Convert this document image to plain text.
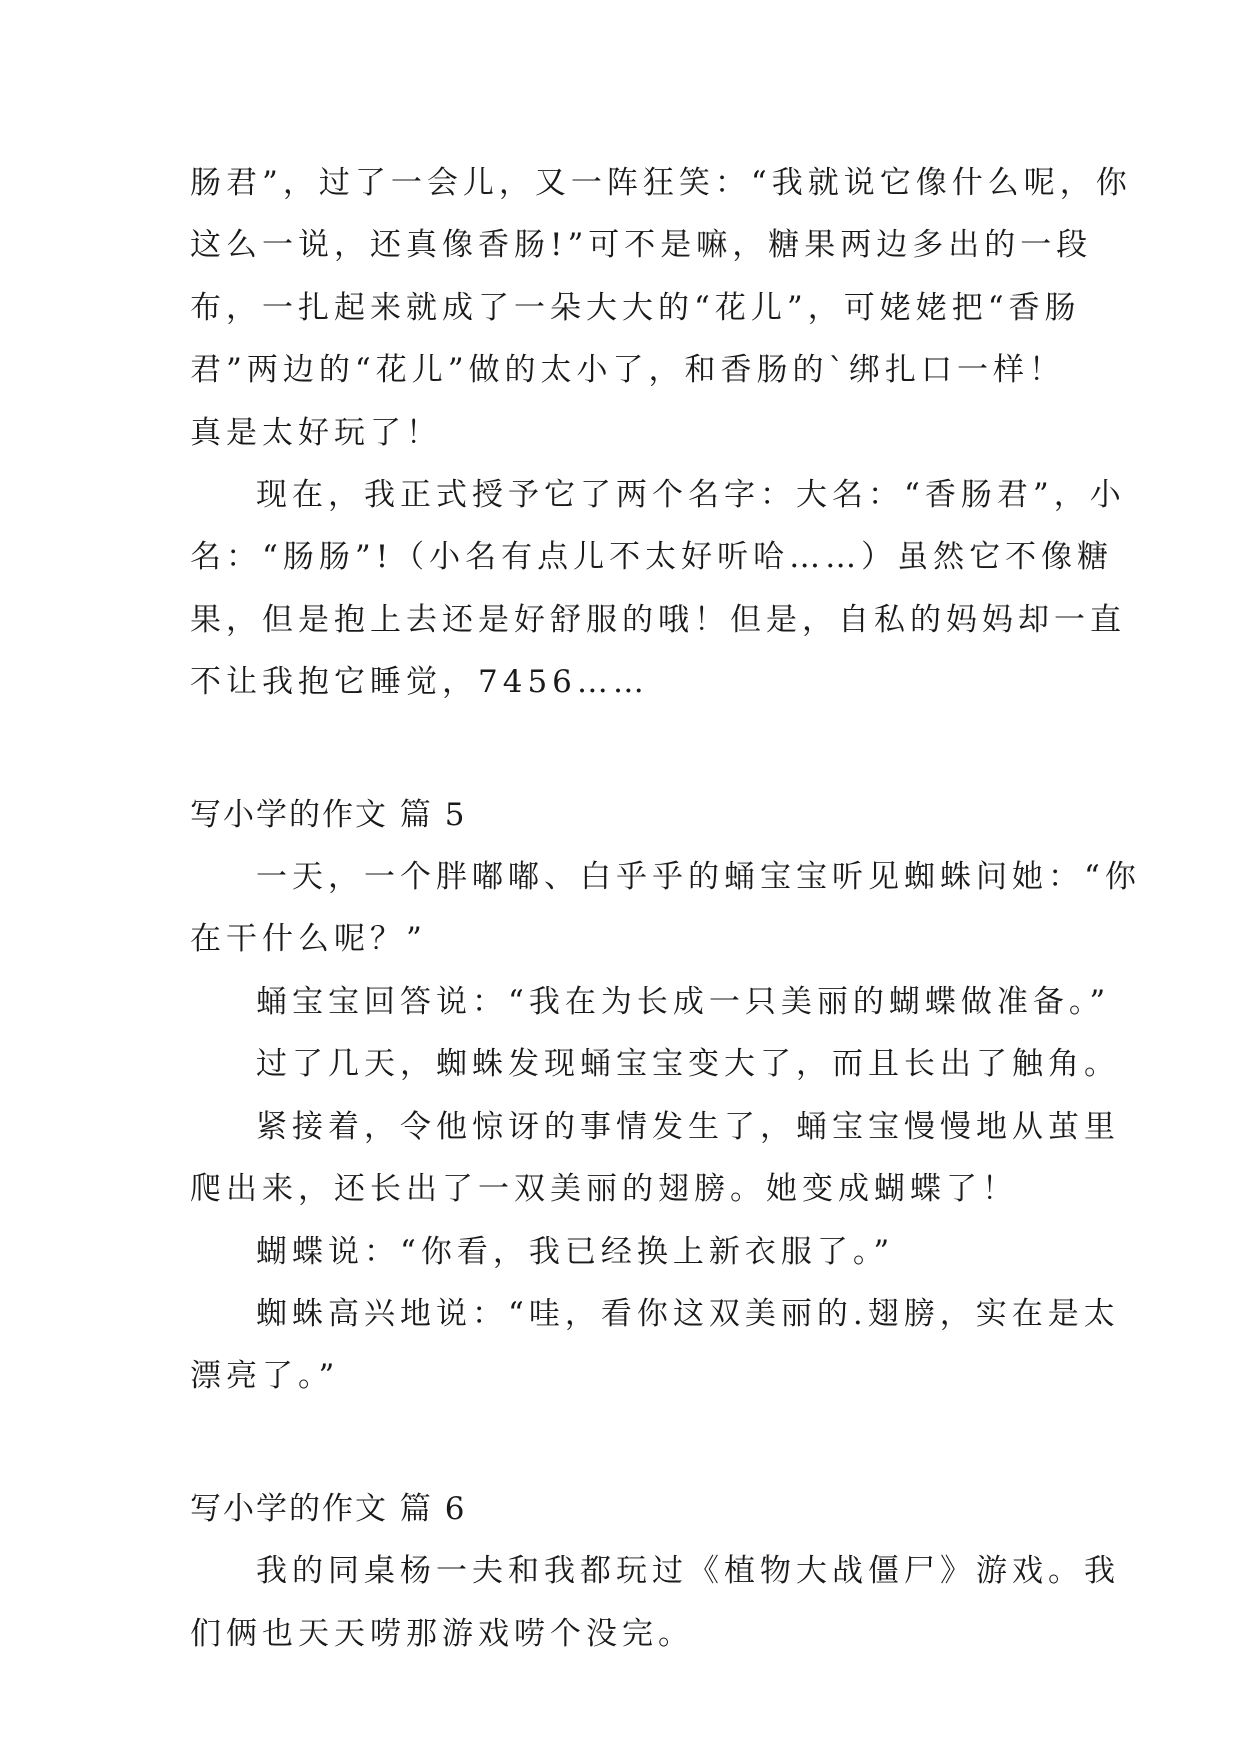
肠君”，过了一会儿，又一阵狂笑：“我就说它像什么呢，你
这么一说，还真像香肠!”可不是嘛，糖果两边多出的一段
布，一扎起来就成了一朵大大的“花儿”，可姥姥把“香肠
君”两边的“花儿”做的太小了，和香肠的`绑扎口一样！
真是太好玩了！

现在，我正式授予它了两个名字：大名：“香肠君”，小
名：“肠肠”!（小名有点儿不太好听哈……）虽然它不像糖
果，但是抱上去还是好舒服的哦！但是，自私的妈妈却一直
不让我抱它睡觉，7456……

写小学的作文 篇 5

一天，一个胖嘟嘟、白乎乎的蛹宝宝听见蜘蛛问她：“你
在干什么呢？”

蛹宝宝回答说：“我在为长成一只美丽的蝴蝶做准备。”

过了几天，蜘蛛发现蛹宝宝变大了，而且长出了触角。

紧接着，令他惊讶的事情发生了，蛹宝宝慢慢地从茧里
爬出来，还长出了一双美丽的翅膀。她变成蝴蝶了！

蝴蝶说：“你看，我已经换上新衣服了。”

蜘蛛高兴地说：“哇，看你这双美丽的.翅膀，实在是太
漂亮了。”

写小学的作文 篇 6

我的同桌杨一夫和我都玩过《植物大战僵尸》游戏。我
们俩也天天唠那游戏唠个没完。
